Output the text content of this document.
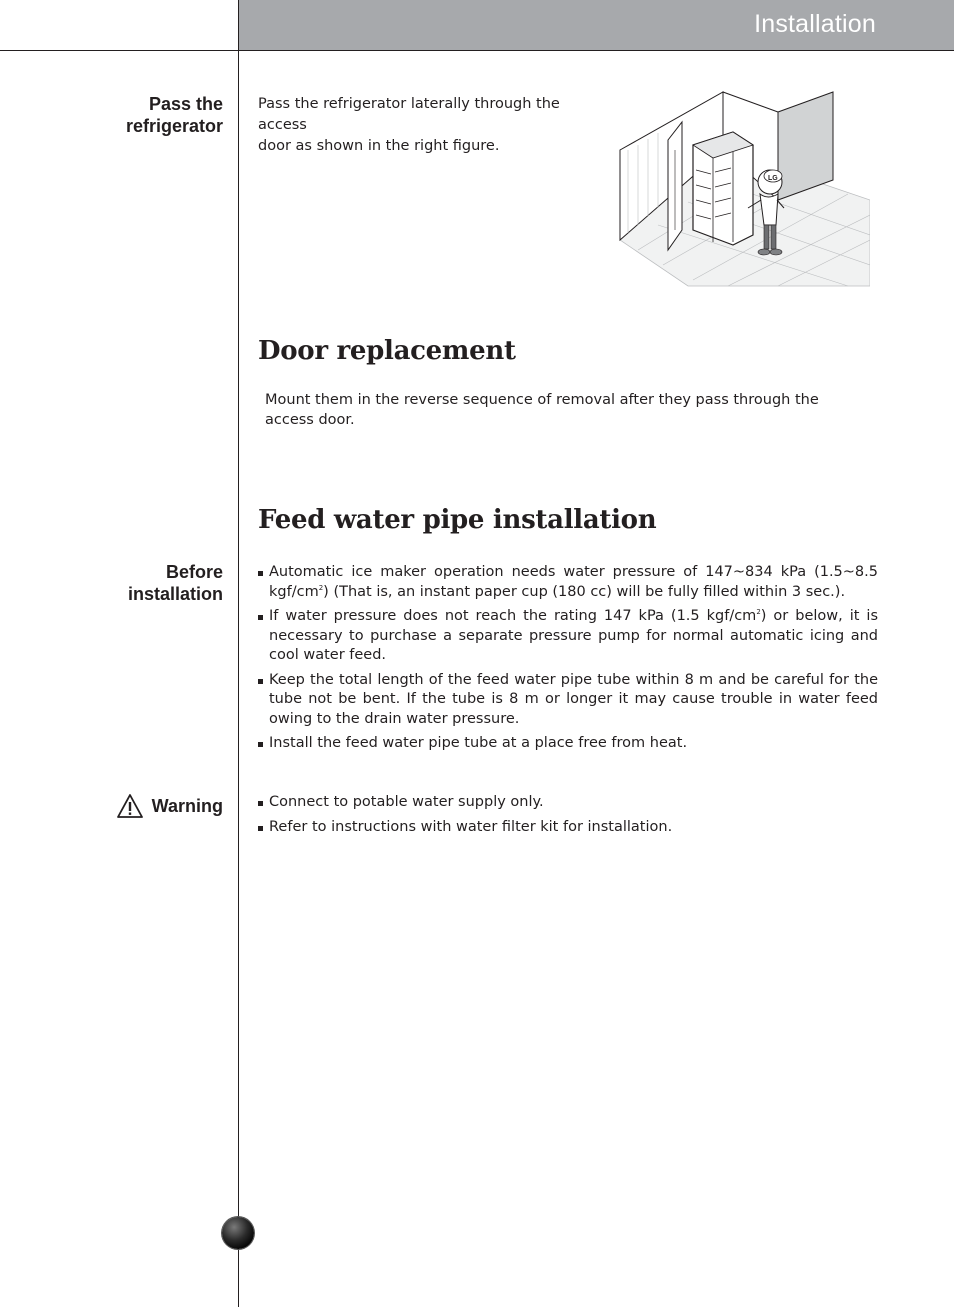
Installation
Pass the
refrigerator
Pass the refrigerator laterally through the access
door as shown in the right figure.
LG
Door replacement
Mount them in the reverse sequence of removal after they pass through the access door.
Feed water pipe installation
Before
installation
Automatic ice maker operation needs water pressure of 147~834 kPa (1.5~8.5 kgf/$cm^2$) (That is, an instant paper cup (180 cc) will be fully filled within 3 sec.).
If water pressure does not reach the rating 147 kPa (1.5 kgf/$cm^2$) or below, it is necessary to purchase a separate pressure pump for normal automatic icing and cool water feed.
Keep the total length of the feed water pipe tube within 8 m and be careful for the tube not be bent. If the tube is 8 m or longer it may cause trouble in water feed owing to the drain water pressure.
Install the feed water pipe tube at a place free from heat.
Warning	Connect to potable water supply only.
Refer to instructions with water filter kit for installation.
